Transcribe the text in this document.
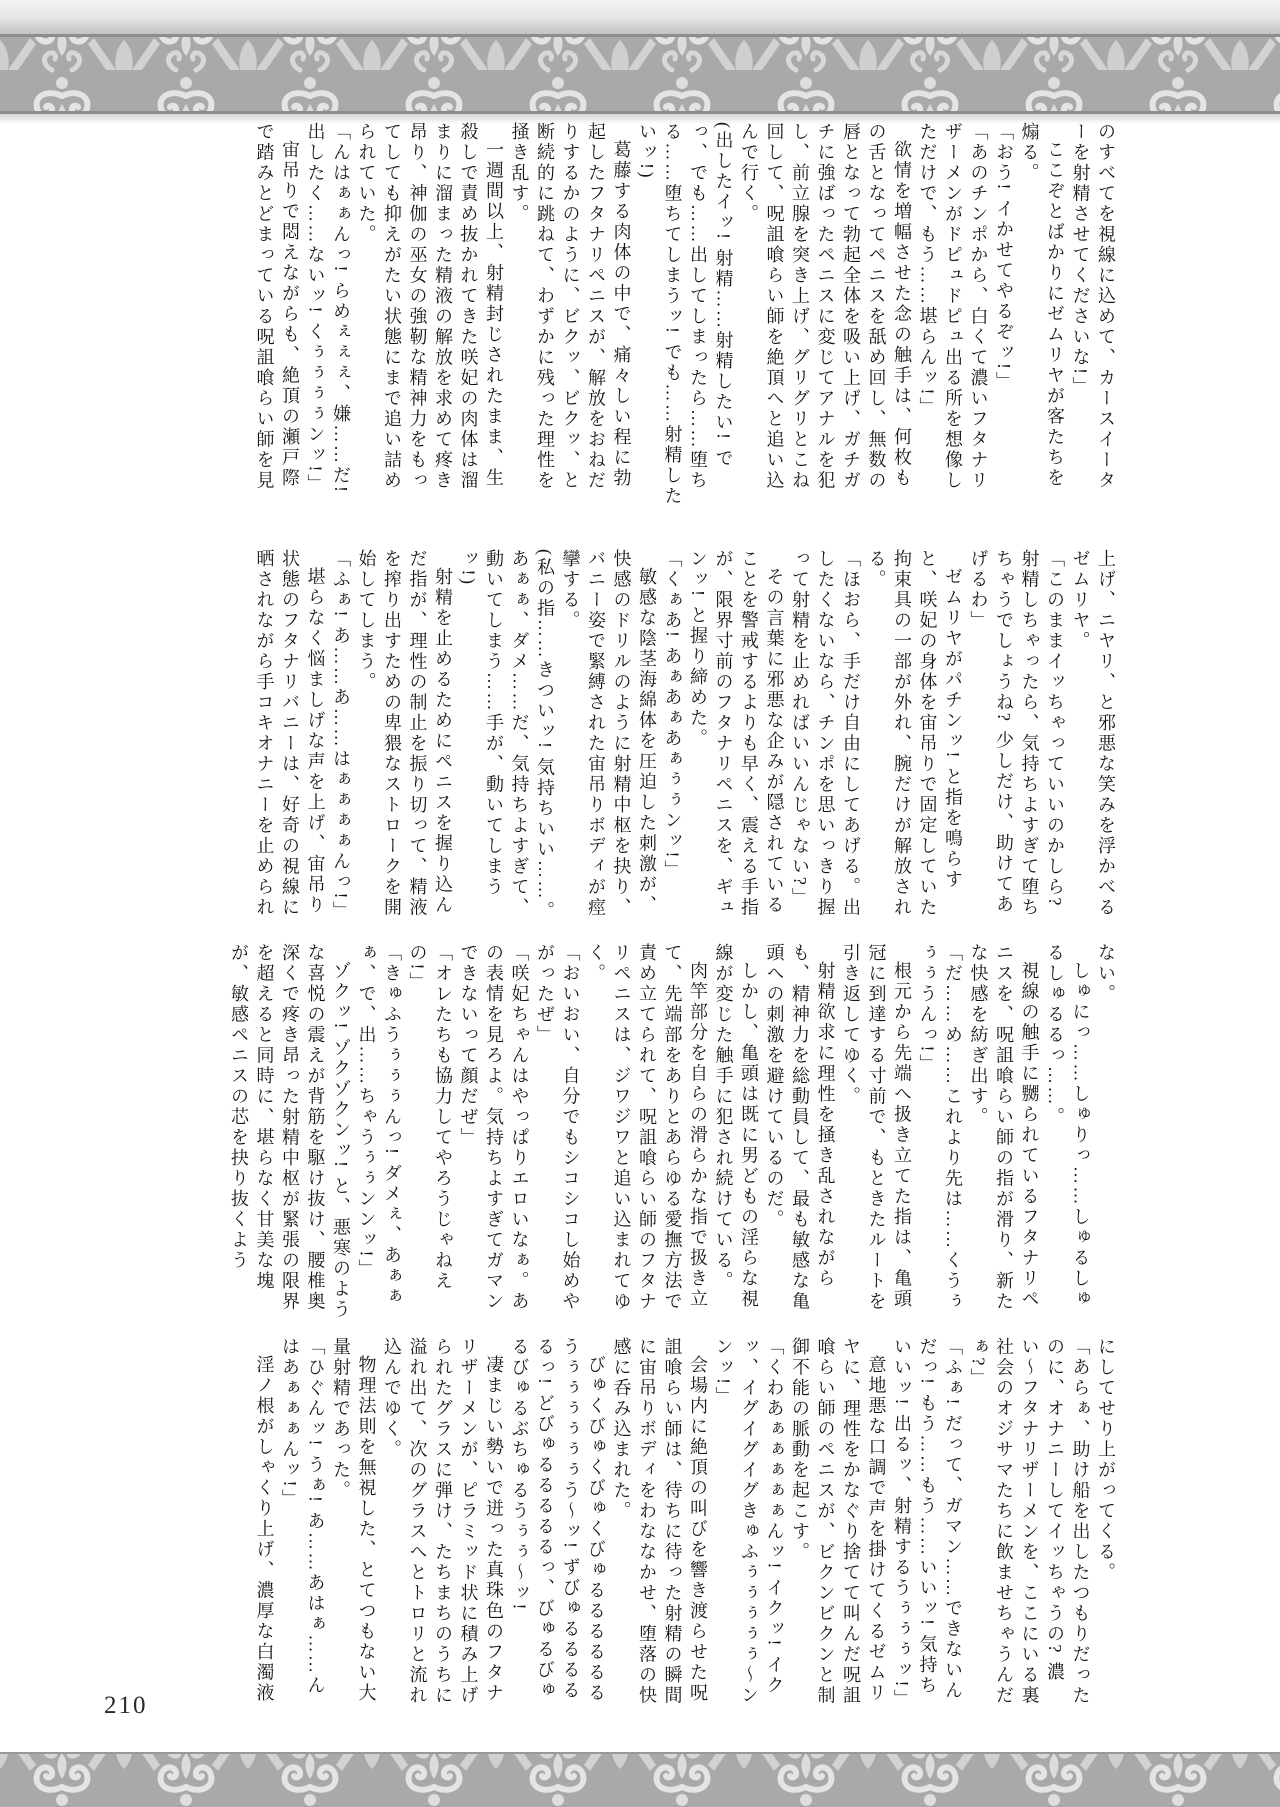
のすべてを視線に込めて、カースイーターを射精させてくださいな!」

ここぞとばかりにゼムリヤが客たちを煽る。

「おう! イかせてやるぞッ!」

「あのチンポから、白くて濃いフタナリザーメンがドピュドピュ出る所を想像しただけで、もう……堪らんッ!」

欲情を増幅させた念の触手は、何枚もの舌となってペニスを舐め回し、無数の唇となって勃起全体を吸い上げ、ガチガチに強ばったペニスに変じてアナルを犯し、前立腺を突き上げ、グリグリとこね回して、呪詛喰らい師を絶頂へと追い込んで行く。

(出したイッ! 射精……射精したい! でっ、でも……出してしまったら……堕ちる……堕ちてしまうッ! でも……射精したいッ!)

葛藤する肉体の中で、痛々しい程に勃起したフタナリペニスが、解放をおねだりするかのように、ビクッ、ビクッ、と断続的に跳ねて、わずかに残った理性を掻き乱す。

一週間以上、射精封じされたまま、生殺しで責め抜かれてきた咲妃の肉体は溜まりに溜まった精液の解放を求めて疼き昂り、神伽の巫女の強靭な精神力をもってしても抑えがたい状態にまで追い詰められていた。

「んはぁぁんっ! らめぇぇぇ、嫌……だ! 出したく……ないッ! くぅぅぅぅンッ!」

宙吊りで悶えながらも、絶頂の瀬戸際で踏みとどまっている呪詛喰らい師を見

上げ、ニヤリ、と邪悪な笑みを浮かべるゼムリヤ。

「このままイッちゃっていいのかしら? 射精しちゃったら、気持ちよすぎて堕ちちゃうでしょうね? 少しだけ、助けてあげるわ」

ゼムリヤがパチンッ! と指を鳴らすと、咲妃の身体を宙吊りで固定していた拘束具の一部が外れ、腕だけが解放される。

「ほおら、手だけ自由にしてあげる。出したくないなら、チンポを思いっきり握って射精を止めればいいんじゃない?」

その言葉に邪悪な企みが隠されていることを警戒するよりも早く、震える手指が、限界寸前のフタナリペニスを、ギュンッ! と握り締めた。

「くぁあ! あぁあぁあぁぅぅンッ!」

敏感な陰茎海綿体を圧迫した刺激が、快感のドリルのように射精中枢を抉り、バニー姿で緊縛された宙吊りボディが痙攣する。

(私の指……きついッ! 気持ちいい……。あぁぁ、ダメ……だ、気持ちよすぎて、動いてしまう……手が、動いてしまうッ!)

射精を止めるためにペニスを握り込んだ指が、理性の制止を振り切って、精液を搾り出すための卑猥なストロークを開始してしまう。

「ふぁ! あ……あ……はぁぁぁぁんっ!」

堪らなく悩ましげな声を上げ、宙吊り状態のフタナリバニーは、好奇の視線に晒されながら手コキオナニーを止められ

ない。

しゅにっ……しゅりっ……しゅるしゅるしゅるるっ……。

視線の触手に嬲られているフタナリペニスを、呪詛喰らい師の指が滑り、新たな快感を紡ぎ出す。

「だ……め……これより先は……くうぅぅぅうんっ!」

根元から先端へ扱き立てた指は、亀頭冠に到達する寸前で、もときたルートを引き返してゆく。

射精欲求に理性を掻き乱されながらも、精神力を総動員して、最も敏感な亀頭への刺激を避けているのだ。

しかし、亀頭は既に男どもの淫らな視線が変じた触手に犯され続けている。

肉竿部分を自らの滑らかな指で扱き立て、先端部をありとあらゆる愛撫方法で責め立てられて、呪詛喰らい師のフタナリペニスは、ジワジワと追い込まれてゆく。

「おいおい、自分でもシコシコし始めやがったぜ」

「咲妃ちゃんはやっぱりエロいなぁ。あの表情を見ろよ。気持ちよすぎてガマンできないって顔だぜ」

「オレたちも協力してやろうじゃねえの!」

「きゅふうぅぅぅんっ! ダメぇ、あぁぁぁ、で、出……ちゃうぅぅンンッ!」

ゾクッ! ゾクゾクンッ! と、悪寒のような喜悦の震えが背筋を駆け抜け、腰椎奥深くで疼き昂った射精中枢が緊張の限界を超えると同時に、堪らなく甘美な塊が、敏感ペニスの芯を抉り抜くよう

にしてせり上がってくる。

「あらぁ、助け船を出したつもりだったのに、オナニーしてイッちゃうの? 濃い〜フタナリザーメンを、ここにいる裏社会のオジサマたちに飲ませちゃうんだぁ?」

「ふぁ! だって、ガマン……できないんだっ! もう……もう……いいッ! 気持ちいいッ! 出るッ、射精するうぅぅぅッ!」

意地悪な口調で声を掛けてくるゼムリヤに、理性をかなぐり捨てて叫んだ呪詛喰らい師のペニスが、ビクンビクンと制御不能の脈動を起こす。

「くわあぁぁぁぁぁんッ! イクッ! イクッ、イグイグイグきゅふぅぅぅぅぅ〜ンンッ!」

会場内に絶頂の叫びを響き渡らせた呪詛喰らい師は、待ちに待った射精の瞬間に宙吊りボディをわななかせ、堕落の快感に呑み込まれた。

びゅくびゅくびゅくびゅるるるるるるうぅぅぅぅぅぅう〜ッ! ずびゅるるるるるっ! どびゅるるるるるっ、びゅるびゅるびゅるぶちゅるうぅぅ〜ッ!

凄まじい勢いで迸った真珠色のフタナリザーメンが、ピラミッド状に積み上げられたグラスに弾け、たちまちのうちに溢れ出て、次のグラスへとトロリと流れ込んでゆく。

物理法則を無視した、とてつもない大量射精であった。

「ひぐんッ! うぁ! あ……あはぁ……んはあぁぁぁんッ!」

淫ノ根がしゃくり上げ、濃厚な白濁液

210
